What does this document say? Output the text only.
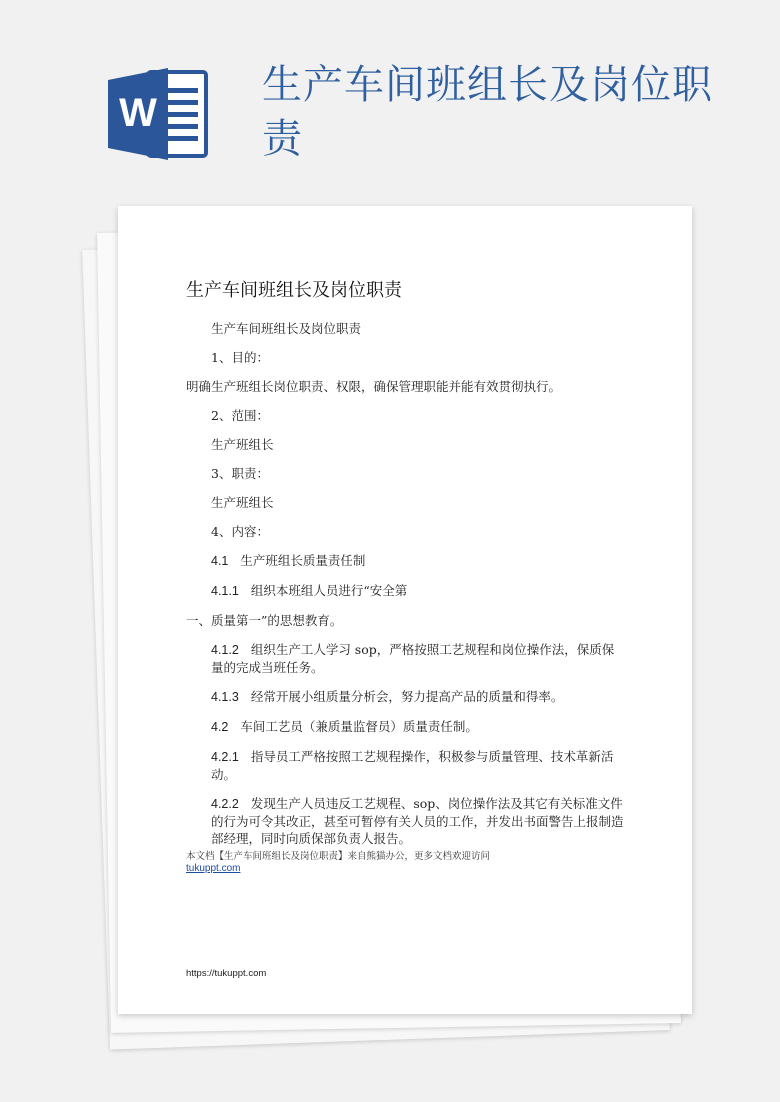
W
生产车间班组长及岗位职责
生产车间班组长及岗位职责

生产车间班组长及岗位职责

1、目的：

明确生产班组长岗位职责、权限，确保管理职能并能有效贯彻执行。

2、范围：

生产班组长

3、职责：

生产班组长

4、内容：

4.1 生产班组长质量责任制

4.1.1 组织本班组人员进行“安全第

一、质量第一”的思想教育。

4.1.2 组织生产工人学习 sop，严格按照工艺规程和岗位操作法，保质保量的完成当班任务。

4.1.3 经常开展小组质量分析会，努力提高产品的质量和得率。

4.2 车间工艺员（兼质量监督员）质量责任制。

4.2.1 指导员工严格按照工艺规程操作，积极参与质量管理、技术革新活动。

4.2.2 发现生产人员违反工艺规程、sop、岗位操作法及其它有关标准文件的行为可令其改正，甚至可暂停有关人员的工作，并发出书面警告上报制造部经理，同时向质保部负责人报告。

本文档【生产车间班组长及岗位职责】来自熊猫办公，更多文档欢迎访问
tukuppt.com
https://tukuppt.com
